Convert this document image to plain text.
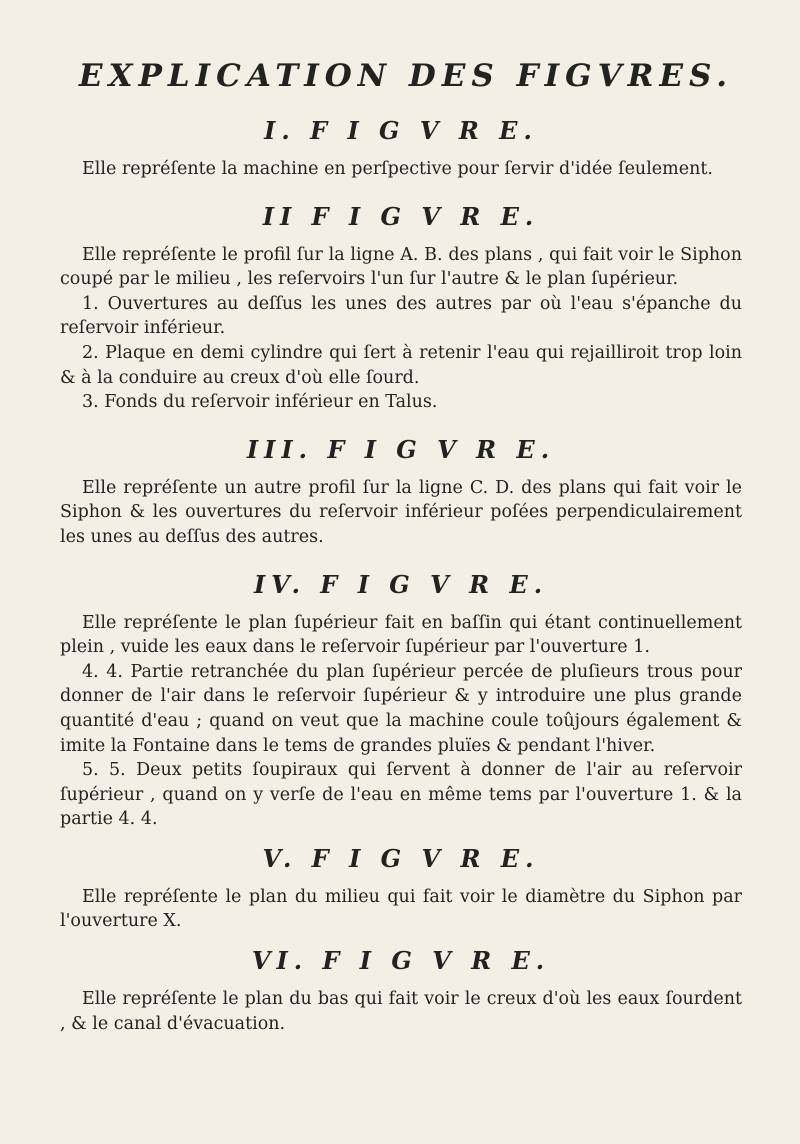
EXPLICATION DES FIGVRES.
I. F I G V R E.

Elle repréſente la machine en perſpective pour ſervir d'idée ſeulement.

II F I G V R E.

Elle repréſente le profil ſur la ligne A. B. des plans , qui fait voir le Siphon coupé par le milieu , les reſervoirs l'un ſur l'autre & le plan ſupérieur.

1. Ouvertures au deſſus les unes des autres par où l'eau s'épanche du reſervoir inférieur.

2. Plaque en demi cylindre qui ſert à retenir l'eau qui rejailliroit trop loin & à la conduire au creux d'où elle ſourd.

3. Fonds du reſervoir inférieur en Talus.

III. F I G V R E.

Elle repréſente un autre profil ſur la ligne C. D. des plans qui fait voir le Siphon & les ouvertures du reſervoir inférieur poſées perpendiculairement les unes au deſſus des autres.

IV. F I G V R E.

Elle repréſente le plan ſupérieur fait en baſſin qui étant continuellement plein , vuide les eaux dans le reſervoir ſupérieur par l'ouverture 1.

4. 4. Partie retranchée du plan ſupérieur percée de pluſieurs trous pour donner de l'air dans le reſervoir ſupérieur & y introduire une plus grande quantité d'eau ; quand on veut que la machine coule toûjours également & imite la Fontaine dans le tems de grandes pluïes & pendant l'hiver.

5. 5. Deux petits ſoupiraux qui ſervent à donner de l'air au reſervoir ſupérieur , quand on y verſe de l'eau en même tems par l'ouverture 1. & la partie 4. 4.

V. F I G V R E.

Elle repréſente le plan du milieu qui fait voir le diamètre du Siphon par l'ouverture X.

VI. F I G V R E.

Elle repréſente le plan du bas qui fait voir le creux d'où les eaux ſourdent , & le canal d'évacuation.
